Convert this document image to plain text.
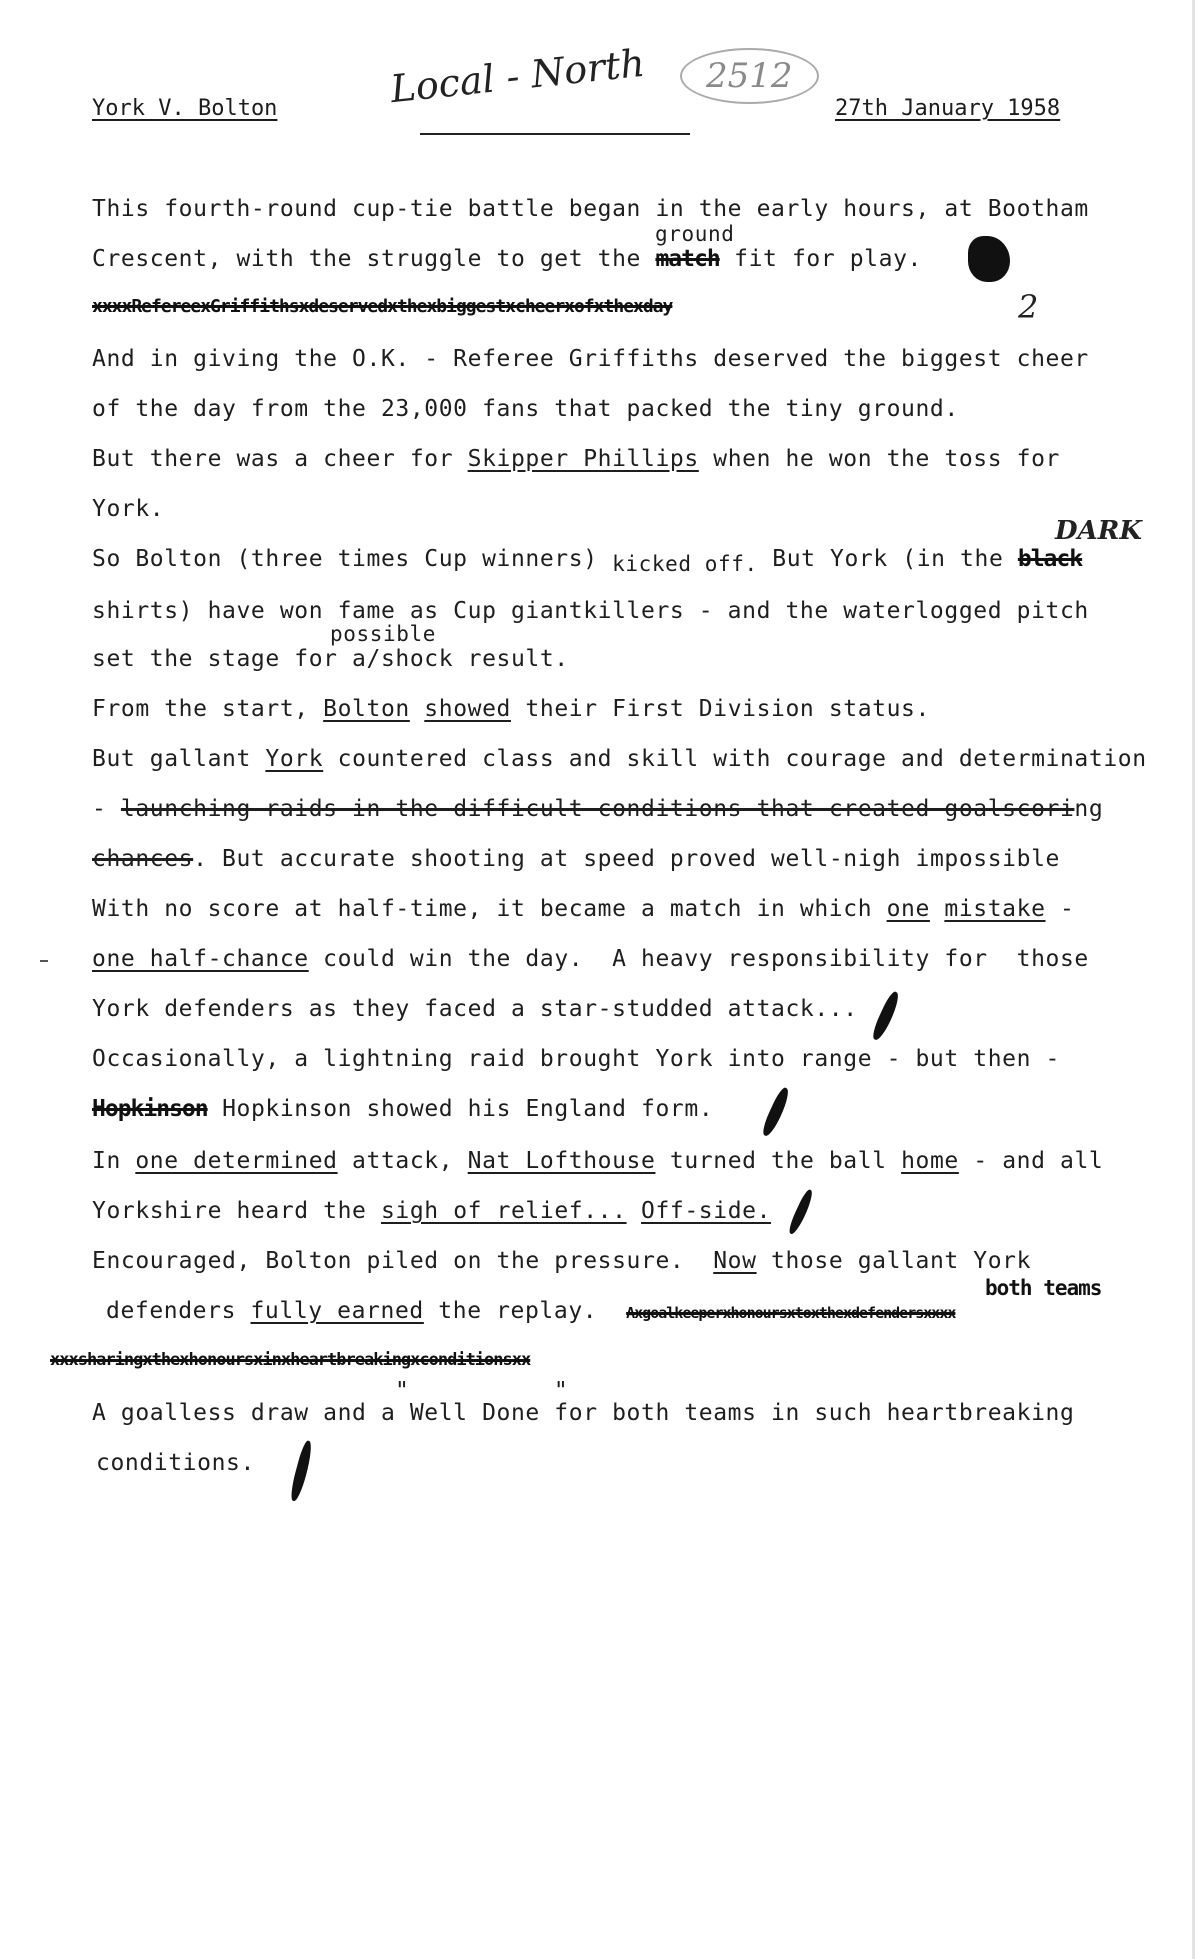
York V. Bolton	Local - North	2512
27th January 1958
This fourth-round cup-tie battle began in the early hours, at Bootham
ground
Crescent, with the struggle to get the match fit for play.
xxxxRefereexGriffithsxdeservedxthexbiggestxcheerxofxthexday	2
And in giving the O.K. - Referee Griffiths deserved the biggest cheer
of the day from the 23,000 fans that packed the tiny ground.
But there was a cheer for Skipper Phillips when he won the toss for
York.
DARK
So Bolton (three times Cup winners) kicked off. But York (in the black
shirts) have won fame as Cup giantkillers - and the waterlogged pitch
possible
set the stage for a/shock result.
From the start, Bolton showed their First Division status.
But gallant York countered class and skill with courage and determination
- launching raids in the difficult conditions that created goalscoring
chances. But accurate shooting at speed proved well-nigh impossible
With no score at half-time, it became a match in which one mistake -
one half-chance could win the day.  A heavy responsibility for  those
York defenders as they faced a star-studded attack...
Occasionally, a lightning raid brought York into range - but then -
Hopkinson Hopkinson showed his England form.
In one determined attack, Nat Lofthouse turned the ball home - and all
Yorkshire heard the sigh of relief... Off-side.
Encouraged, Bolton piled on the pressure.  Now those gallant York
both teams
defenders fully earned the replay.  Axgoalkeeperxhonoursxtoxthexdefendersxxxx
xxxsharingxthexhonoursxinxheartbreakingxconditionsxx
"          "
A goalless draw and a Well Done for both teams in such heartbreaking
conditions.
